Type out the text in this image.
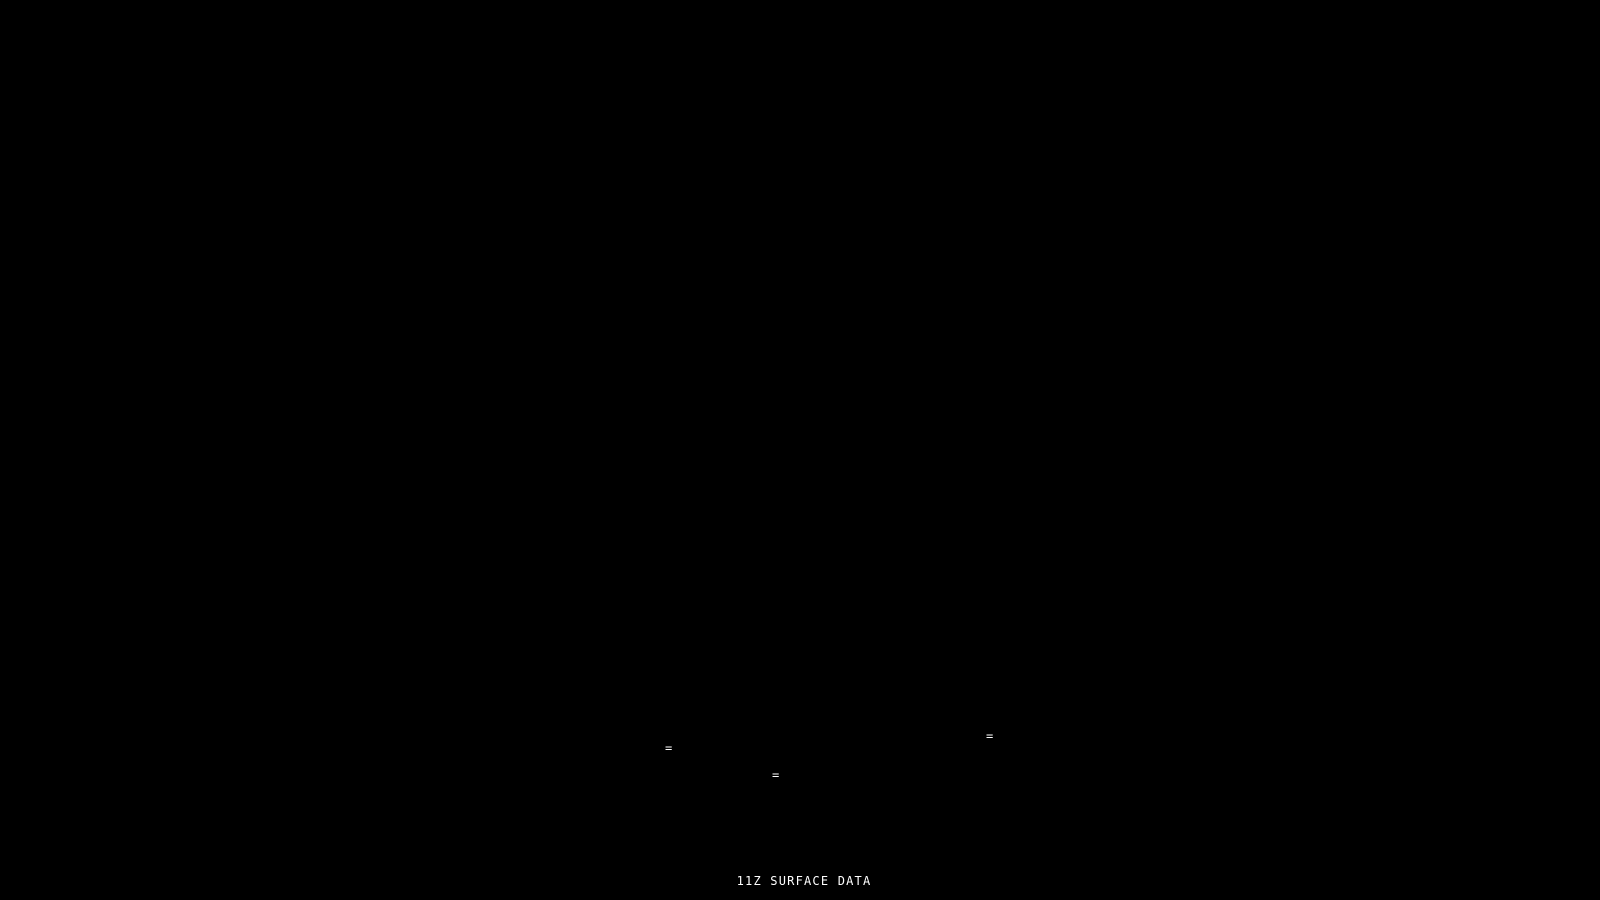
=
=
=
11Z SURFACE DATA
